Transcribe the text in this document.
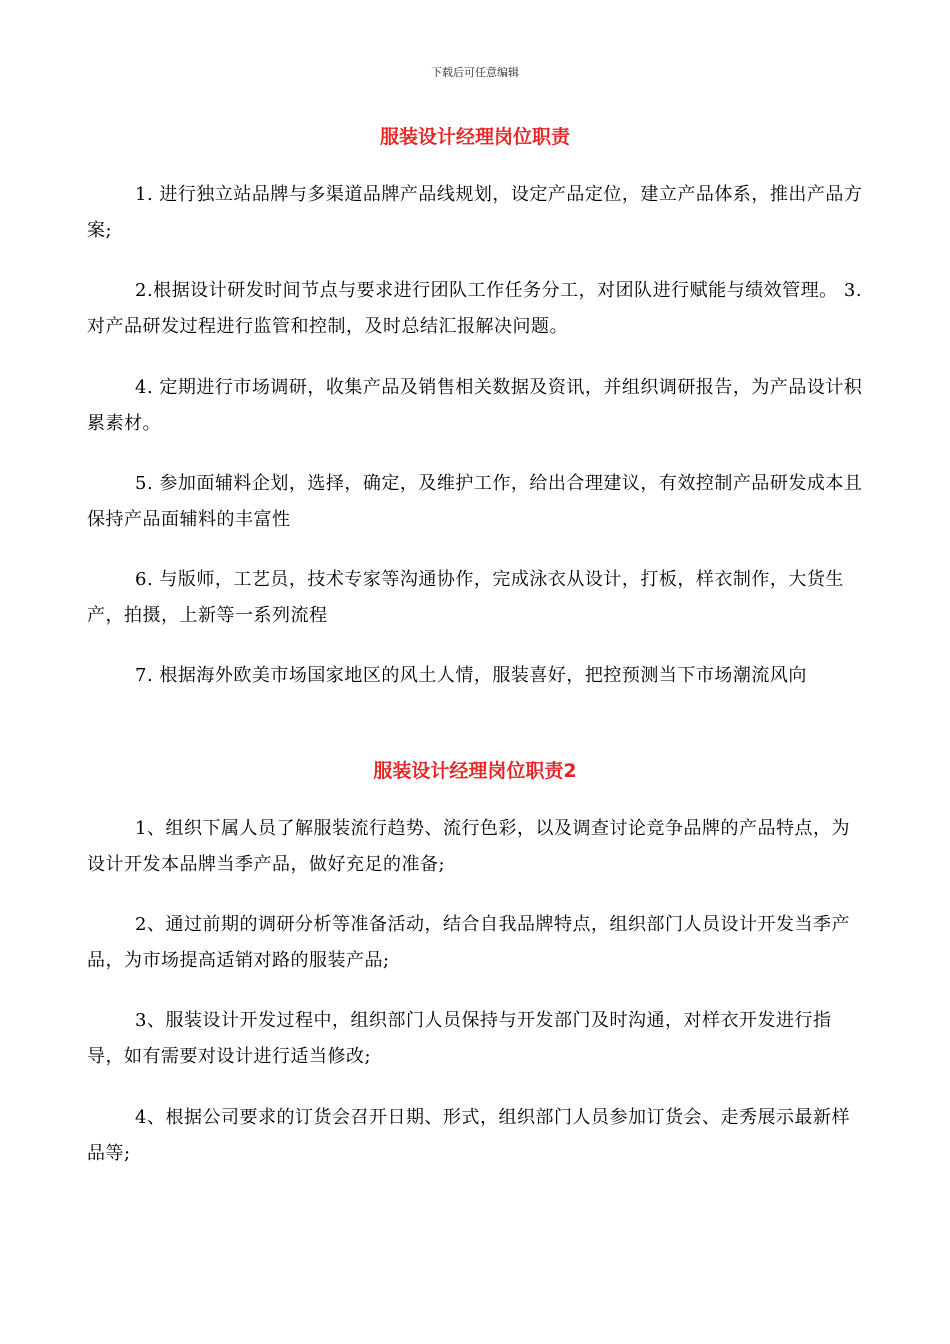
下载后可任意编辑
服装设计经理岗位职责

1. 进行独立站品牌与多渠道品牌产品线规划，设定产品定位，建立产品体系，推出产品方案;

2.根据设计研发时间节点与要求进行团队工作任务分工，对团队进行赋能与绩效管理。 3. 对产品研发过程进行监管和控制，及时总结汇报解决问题。

4. 定期进行市场调研，收集产品及销售相关数据及资讯，并组织调研报告，为产品设计积累素材。

5. 参加面辅料企划，选择，确定，及维护工作，给出合理建议，有效控制产品研发成本且保持产品面辅料的丰富性

6. 与版师，工艺员，技术专家等沟通协作，完成泳衣从设计，打板，样衣制作，大货生产，拍摄，上新等一系列流程

7. 根据海外欧美市场国家地区的风土人情，服装喜好，把控预测当下市场潮流风向

服装设计经理岗位职责2

1、组织下属人员了解服装流行趋势、流行色彩，以及调查讨论竞争品牌的产品特点，为设计开发本品牌当季产品，做好充足的准备;

2、通过前期的调研分析等准备活动，结合自我品牌特点，组织部门人员设计开发当季产品，为市场提高适销对路的服装产品;

3、服装设计开发过程中，组织部门人员保持与开发部门及时沟通，对样衣开发进行指导，如有需要对设计进行适当修改;

4、根据公司要求的订货会召开日期、形式，组织部门人员参加订货会、走秀展示最新样品等;
